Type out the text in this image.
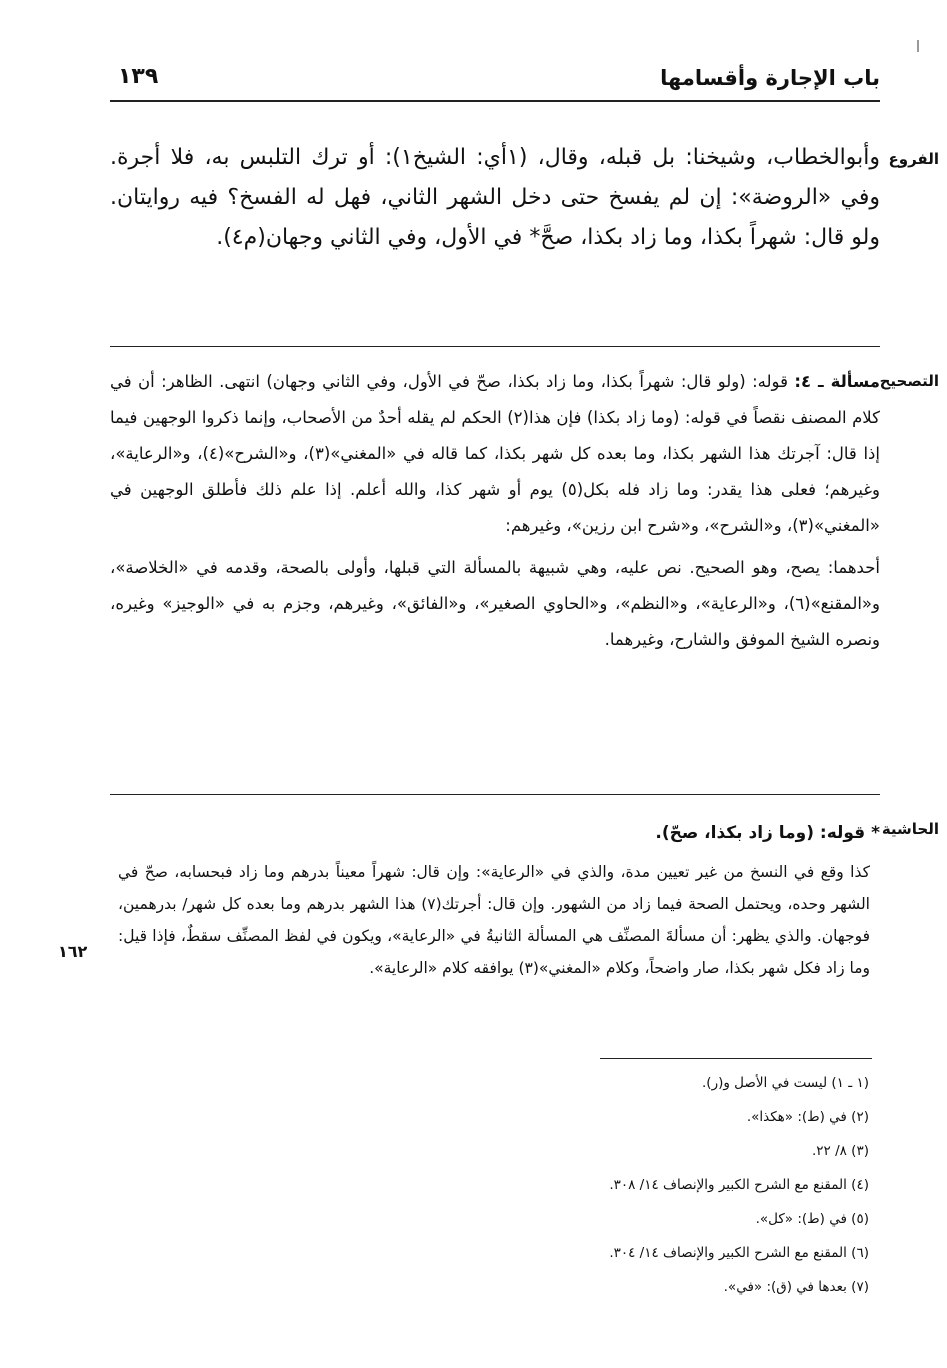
باب الإجارة وأقسامها
١٣٩
الفروع
وأبوالخطاب، وشيخنا: بل قبله، وقال، (١أي: الشيخ١): أو ترك التلبس به، فلا أجرة. وفي «الروضة»: إن لم يفسخ حتى دخل الشهر الثاني، فهل له الفسخ؟ فيه روايتان. ولو قال: شهراً بكذا، وما زاد بكذا، صحَّ* في الأول، وفي الثاني وجهان(م٤).
التصحيح

مسألة ـ ٤: قوله: (ولو قال: شهراً بكذا، وما زاد بكذا، صحّ في الأول، وفي الثاني وجهان) انتهى. الظاهر: أن في كلام المصنف نقصاً في قوله: (وما زاد بكذا) فإن هذا(٢) الحكم لم يقله أحدٌ من الأصحاب، وإنما ذكروا الوجهين فيما إذا قال: آجرتك هذا الشهر بكذا، وما بعده كل شهر بكذا، كما قاله في «المغني»(٣)، و«الشرح»(٤)، و«الرعاية»، وغيرهم؛ فعلى هذا يقدر: وما زاد فله بكل(٥) يوم أو شهر كذا، والله أعلم. إذا علم ذلك فأطلق الوجهين في «المغني»(٣)، و«الشرح»، و«شرح ابن رزين»، وغيرهم:

أحدهما: يصح، وهو الصحيح. نص عليه، وهي شبيهة بالمسألة التي قبلها، وأولى بالصحة، وقدمه في «الخلاصة»، و«المقنع»(٦)، و«الرعاية»، و«النظم»، و«الحاوي الصغير»، و«الفائق»، وغيرهم، وجزم به في «الوجيز» وغيره، ونصره الشيخ الموفق والشارح، وغيرهما.

الحاشية
* قوله: (وما زاد بكذا، صحّ).
كذا وقع في النسخ من غير تعيين مدة، والذي في «الرعاية»: وإن قال: شهراً معيناً بدرهم وما زاد فبحسابه، صحّ في الشهر وحده، ويحتمل الصحة فيما زاد من الشهور. وإن قال: أجرتك(٧) هذا الشهر بدرهم وما بعده كل شهر/ بدرهمين، فوجهان. والذي يظهر: أن مسألةَ المصنِّف هي المسألة الثانيةُ في «الرعاية»، ويكون في لفظ المصنِّف سقطٌ، فإذا قيل: وما زاد فكل شهر بكذا، صار واضحاً، وكلام «المغني»(٣) يوافقه كلام «الرعاية».
١٦٢
(١ ـ ١) ليست في الأصل و(ر).
(٢) في (ط): «هكذا».
(٣) ٨/ ٢٢.
(٤) المقنع مع الشرح الكبير والإنصاف ١٤/ ٣٠٨.
(٥) في (ط): «كل».
(٦) المقنع مع الشرح الكبير والإنصاف ١٤/ ٣٠٤.
(٧) بعدها في (ق): «في».
